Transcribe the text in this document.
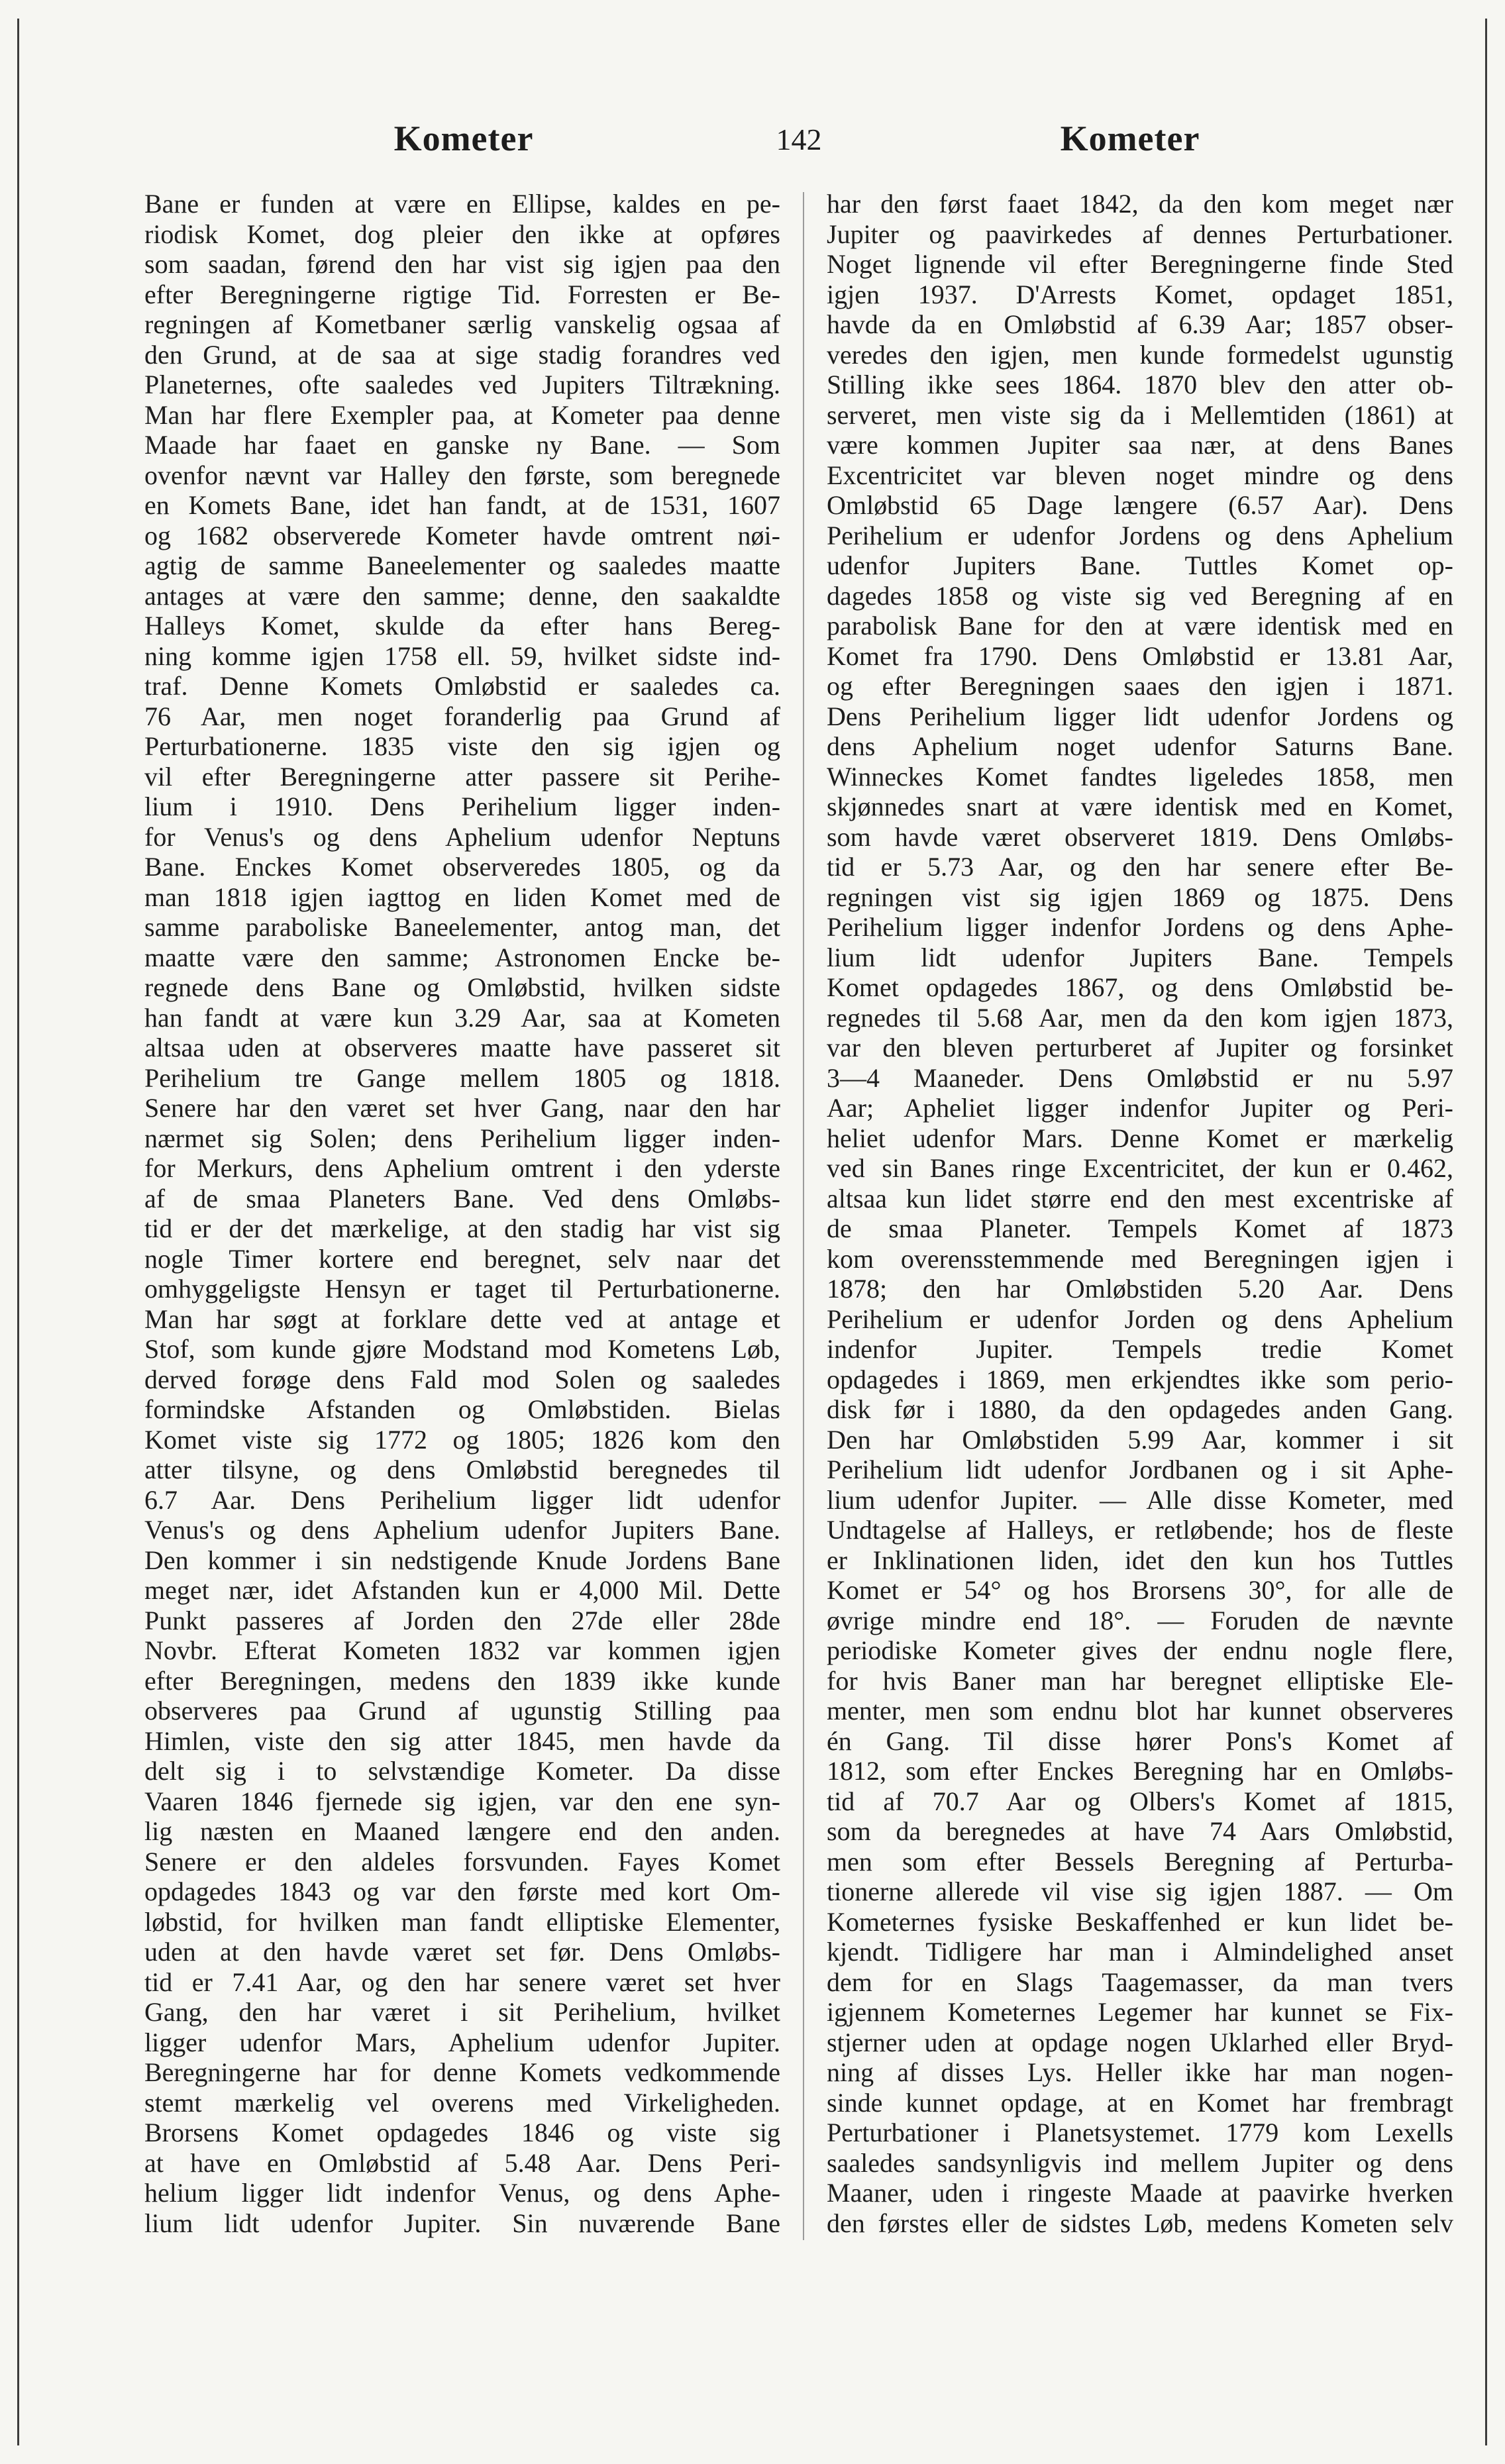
Kometer	142	Kometer
Bane er funden at være en Ellipse, kaldes en pe-
riodisk Komet, dog pleier den ikke at opføres
som saadan, førend den har vist sig igjen paa den
efter Beregningerne rigtige Tid. Forresten er Be-
regningen af Kometbaner særlig vanskelig ogsaa af
den Grund, at de saa at sige stadig forandres ved
Planeternes, ofte saaledes ved Jupiters Tiltrækning.
Man har flere Exempler paa, at Kometer paa denne
Maade har faaet en ganske ny Bane. — Som
ovenfor nævnt var Halley den første, som beregnede
en Komets Bane, idet han fandt, at de 1531, 1607
og 1682 observerede Kometer havde omtrent nøi-
agtig de samme Baneelementer og saaledes maatte
antages at være den samme; denne, den saakaldte
Halleys Komet, skulde da efter hans Bereg-
ning komme igjen 1758 ell. 59, hvilket sidste ind-
traf. Denne Komets Omløbstid er saaledes ca.
76 Aar, men noget foranderlig paa Grund af
Perturbationerne. 1835 viste den sig igjen og
vil efter Beregningerne atter passere sit Perihe-
lium i 1910. Dens Perihelium ligger inden-
for Venus's og dens Aphelium udenfor Neptuns
Bane. Enckes Komet observeredes 1805, og da
man 1818 igjen iagttog en liden Komet med de
samme paraboliske Baneelementer, antog man, det
maatte være den samme; Astronomen Encke be-
regnede dens Bane og Omløbstid, hvilken sidste
han fandt at være kun 3.29 Aar, saa at Kometen
altsaa uden at observeres maatte have passeret sit
Perihelium tre Gange mellem 1805 og 1818.
Senere har den været set hver Gang, naar den har
nærmet sig Solen; dens Perihelium ligger inden-
for Merkurs, dens Aphelium omtrent i den yderste
af de smaa Planeters Bane. Ved dens Omløbs-
tid er der det mærkelige, at den stadig har vist sig
nogle Timer kortere end beregnet, selv naar det
omhyggeligste Hensyn er taget til Perturbationerne.
Man har søgt at forklare dette ved at antage et
Stof, som kunde gjøre Modstand mod Kometens Løb,
derved forøge dens Fald mod Solen og saaledes
formindske Afstanden og Omløbstiden. Bielas
Komet viste sig 1772 og 1805; 1826 kom den
atter tilsyne, og dens Omløbstid beregnedes til
6.7 Aar. Dens Perihelium ligger lidt udenfor
Venus's og dens Aphelium udenfor Jupiters Bane.
Den kommer i sin nedstigende Knude Jordens Bane
meget nær, idet Afstanden kun er 4,000 Mil. Dette
Punkt passeres af Jorden den 27de eller 28de
Novbr. Efterat Kometen 1832 var kommen igjen
efter Beregningen, medens den 1839 ikke kunde
observeres paa Grund af ugunstig Stilling paa
Himlen, viste den sig atter 1845, men havde da
delt sig i to selvstændige Kometer. Da disse
Vaaren 1846 fjernede sig igjen, var den ene syn-
lig næsten en Maaned længere end den anden.
Senere er den aldeles forsvunden. Fayes Komet
opdagedes 1843 og var den første med kort Om-
løbstid, for hvilken man fandt elliptiske Elementer,
uden at den havde været set før. Dens Omløbs-
tid er 7.41 Aar, og den har senere været set hver
Gang, den har været i sit Perihelium, hvilket
ligger udenfor Mars, Aphelium udenfor Jupiter.
Beregningerne har for denne Komets vedkommende
stemt mærkelig vel overens med Virkeligheden.
Brorsens Komet opdagedes 1846 og viste sig
at have en Omløbstid af 5.48 Aar. Dens Peri-
helium ligger lidt indenfor Venus, og dens Aphe-
lium lidt udenfor Jupiter. Sin nuværende Bane
har den først faaet 1842, da den kom meget nær
Jupiter og paavirkedes af dennes Perturbationer.
Noget lignende vil efter Beregningerne finde Sted
igjen 1937. D'Arrests Komet, opdaget 1851,
havde da en Omløbstid af 6.39 Aar; 1857 obser-
veredes den igjen, men kunde formedelst ugunstig
Stilling ikke sees 1864. 1870 blev den atter ob-
serveret, men viste sig da i Mellemtiden (1861) at
være kommen Jupiter saa nær, at dens Banes
Excentricitet var bleven noget mindre og dens
Omløbstid 65 Dage længere (6.57 Aar). Dens
Perihelium er udenfor Jordens og dens Aphelium
udenfor Jupiters Bane. Tuttles Komet op-
dagedes 1858 og viste sig ved Beregning af en
parabolisk Bane for den at være identisk med en
Komet fra 1790. Dens Omløbstid er 13.81 Aar,
og efter Beregningen saaes den igjen i 1871.
Dens Perihelium ligger lidt udenfor Jordens og
dens Aphelium noget udenfor Saturns Bane.
Winneckes Komet fandtes ligeledes 1858, men
skjønnedes snart at være identisk med en Komet,
som havde været observeret 1819. Dens Omløbs-
tid er 5.73 Aar, og den har senere efter Be-
regningen vist sig igjen 1869 og 1875. Dens
Perihelium ligger indenfor Jordens og dens Aphe-
lium lidt udenfor Jupiters Bane. Tempels
Komet opdagedes 1867, og dens Omløbstid be-
regnedes til 5.68 Aar, men da den kom igjen 1873,
var den bleven perturberet af Jupiter og forsinket
3—4 Maaneder. Dens Omløbstid er nu 5.97
Aar; Apheliet ligger indenfor Jupiter og Peri-
heliet udenfor Mars. Denne Komet er mærkelig
ved sin Banes ringe Excentricitet, der kun er 0.462,
altsaa kun lidet større end den mest excentriske af
de smaa Planeter. Tempels Komet af 1873
kom overensstemmende med Beregningen igjen i
1878; den har Omløbstiden 5.20 Aar. Dens
Perihelium er udenfor Jorden og dens Aphelium
indenfor Jupiter. Tempels tredie Komet
opdagedes i 1869, men erkjendtes ikke som perio-
disk før i 1880, da den opdagedes anden Gang.
Den har Omløbstiden 5.99 Aar, kommer i sit
Perihelium lidt udenfor Jordbanen og i sit Aphe-
lium udenfor Jupiter. — Alle disse Kometer, med
Undtagelse af Halleys, er retløbende; hos de fleste
er Inklinationen liden, idet den kun hos Tuttles
Komet er 54° og hos Brorsens 30°, for alle de
øvrige mindre end 18°. — Foruden de nævnte
periodiske Kometer gives der endnu nogle flere,
for hvis Baner man har beregnet elliptiske Ele-
menter, men som endnu blot har kunnet observeres
én Gang. Til disse hører Pons's Komet af
1812, som efter Enckes Beregning har en Omløbs-
tid af 70.7 Aar og Olbers's Komet af 1815,
som da beregnedes at have 74 Aars Omløbstid,
men som efter Bessels Beregning af Perturba-
tionerne allerede vil vise sig igjen 1887. — Om
Kometernes fysiske Beskaffenhed er kun lidet be-
kjendt. Tidligere har man i Almindelighed anset
dem for en Slags Taagemasser, da man tvers
igjennem Kometernes Legemer har kunnet se Fix-
stjerner uden at opdage nogen Uklarhed eller Bryd-
ning af disses Lys. Heller ikke har man nogen-
sinde kunnet opdage, at en Komet har frembragt
Perturbationer i Planetsystemet. 1779 kom Lexells
saaledes sandsynligvis ind mellem Jupiter og dens
Maaner, uden i ringeste Maade at paavirke hverken
den førstes eller de sidstes Løb, medens Kometen selv
